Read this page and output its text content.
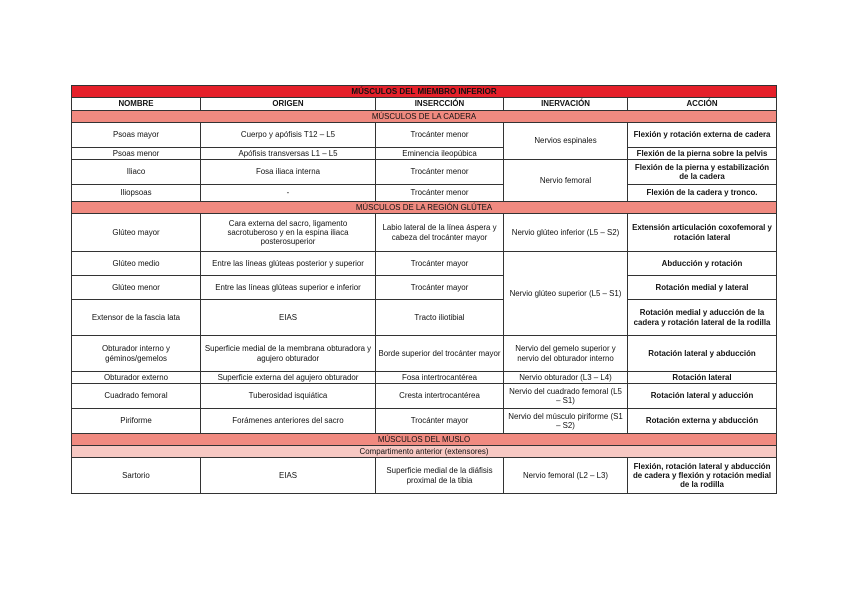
MÚSCULOS DEL MIEMBRO INFERIOR				
NOMBRE	ORIGEN	INSERCCIÓN	INERVACIÓN	ACCIÓN
MÚSCULOS DE LA CADERA				
Psoas mayor	Cuerpo y apófisis T12 – L5	Trocánter menor	Nervios espinales	Flexión y rotación externa de cadera
Psoas menor	Apófisis transversas L1 – L5	Eminencia ileopúbica		Flexión de la pierna sobre la pelvis
Iliaco	Fosa iliaca interna	Trocánter menor	Nervio femoral	Flexión de la pierna y estabilización de la cadera
Iliopsoas	-	Trocánter menor		Flexión de la cadera y tronco.
MÚSCULOS DE LA REGIÓN GLÚTEA				
Glúteo mayor	Cara externa del sacro, ligamento sacrotuberoso y en la espina iliaca posterosuperior	Labio lateral de la línea áspera y cabeza del trocánter mayor	Nervio glúteo inferior (L5 – S2)	Extensión articulación coxofemoral y rotación lateral
Glúteo medio	Entre las líneas glúteas posterior y superior	Trocánter mayor	Nervio glúteo superior (L5 – S1)	Abducción y rotación
Glúteo menor	Entre las líneas glúteas superior e inferior	Trocánter mayor		Rotación medial y lateral
Extensor de la fascia lata	EIAS	Tracto iliotibial		Rotación medial y aducción de la cadera y rotación lateral de la rodilla
Obturador interno y géminos/gemelos	Superficie medial de la membrana obturadora y agujero obturador	Borde superior del trocánter mayor	Nervio del gemelo superior y nervio del obturador interno	Rotación lateral y abducción
Obturador externo	Superficie externa del agujero obturador	Fosa intertrocantérea	Nervio obturador (L3 – L4)	Rotación lateral
Cuadrado femoral	Tuberosidad isquiática	Cresta intertrocantérea	Nervio del cuadrado femoral (L5 – S1)	Rotación lateral y aducción
Piriforme	Forámenes anteriores del sacro	Trocánter mayor	Nervio del músculo piriforme (S1 – S2)	Rotación externa y abducción
MÚSCULOS DEL MUSLO				
Compartimento anterior (extensores)				
Sartorio	EIAS	Superficie medial de la diáfisis proximal de la tibia	Nervio femoral (L2 – L3)	Flexión, rotación lateral y abducción de cadera y flexión y rotación medial de la rodilla
